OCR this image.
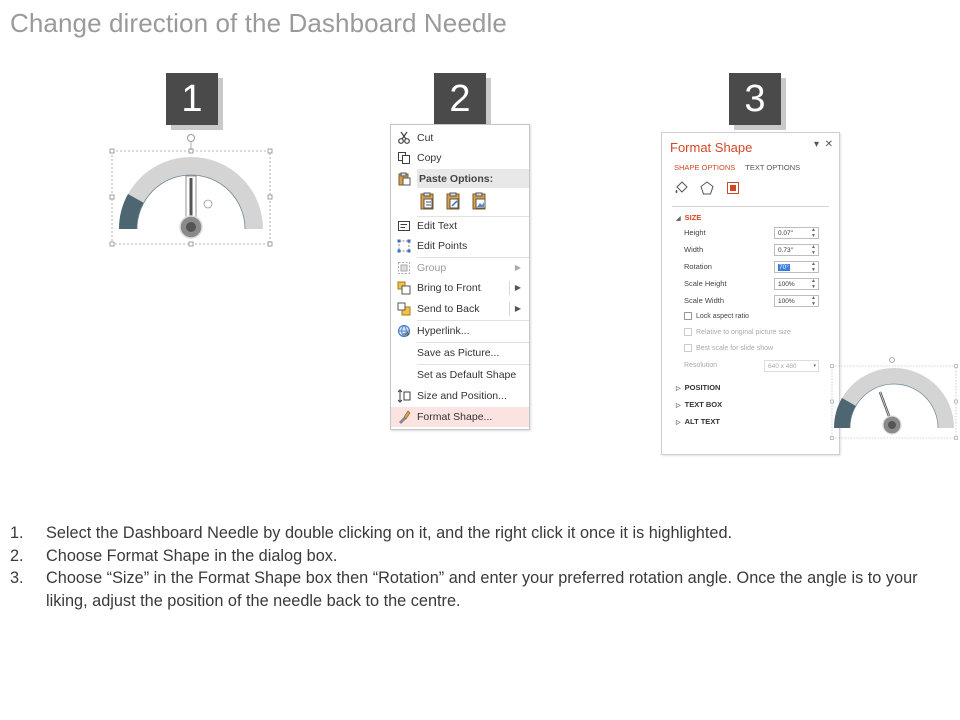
Change direction of the Dashboard Needle
1	2	3
Cut
Copy
Paste Options:
Edit Text
Edit Points
Group	▶
Bring to Front	▶
Send to Back	▶
Hyperlink...
Save as Picture...
Set as Default Shape
Size and Position...
Format Shape...
Format Shape	▾ ✕
SHAPE OPTIONS TEXT OPTIONS
◢ SIZE
Height	0.07"	▲
▼
Width	0.73"	▲
▼
Rotation	70°	▲
▼
Scale Height	100%	▲
▼
Scale Width	100%	▲
▼
Lock aspect ratio
Relative to original picture size
Best scale for slide show
Resolution	640 x 480	▾
▷ POSITION
▷ TEXT BOX
▷ ALT TEXT
1. Select the Dashboard Needle by double clicking on it, and the right click it once it is highlighted.
2. Choose Format Shape in the dialog box.
3. Choose “Size” in the Format Shape box then “Rotation” and enter your preferred rotation angle. Once the angle is to your liking, adjust the position of the needle back to the centre.
